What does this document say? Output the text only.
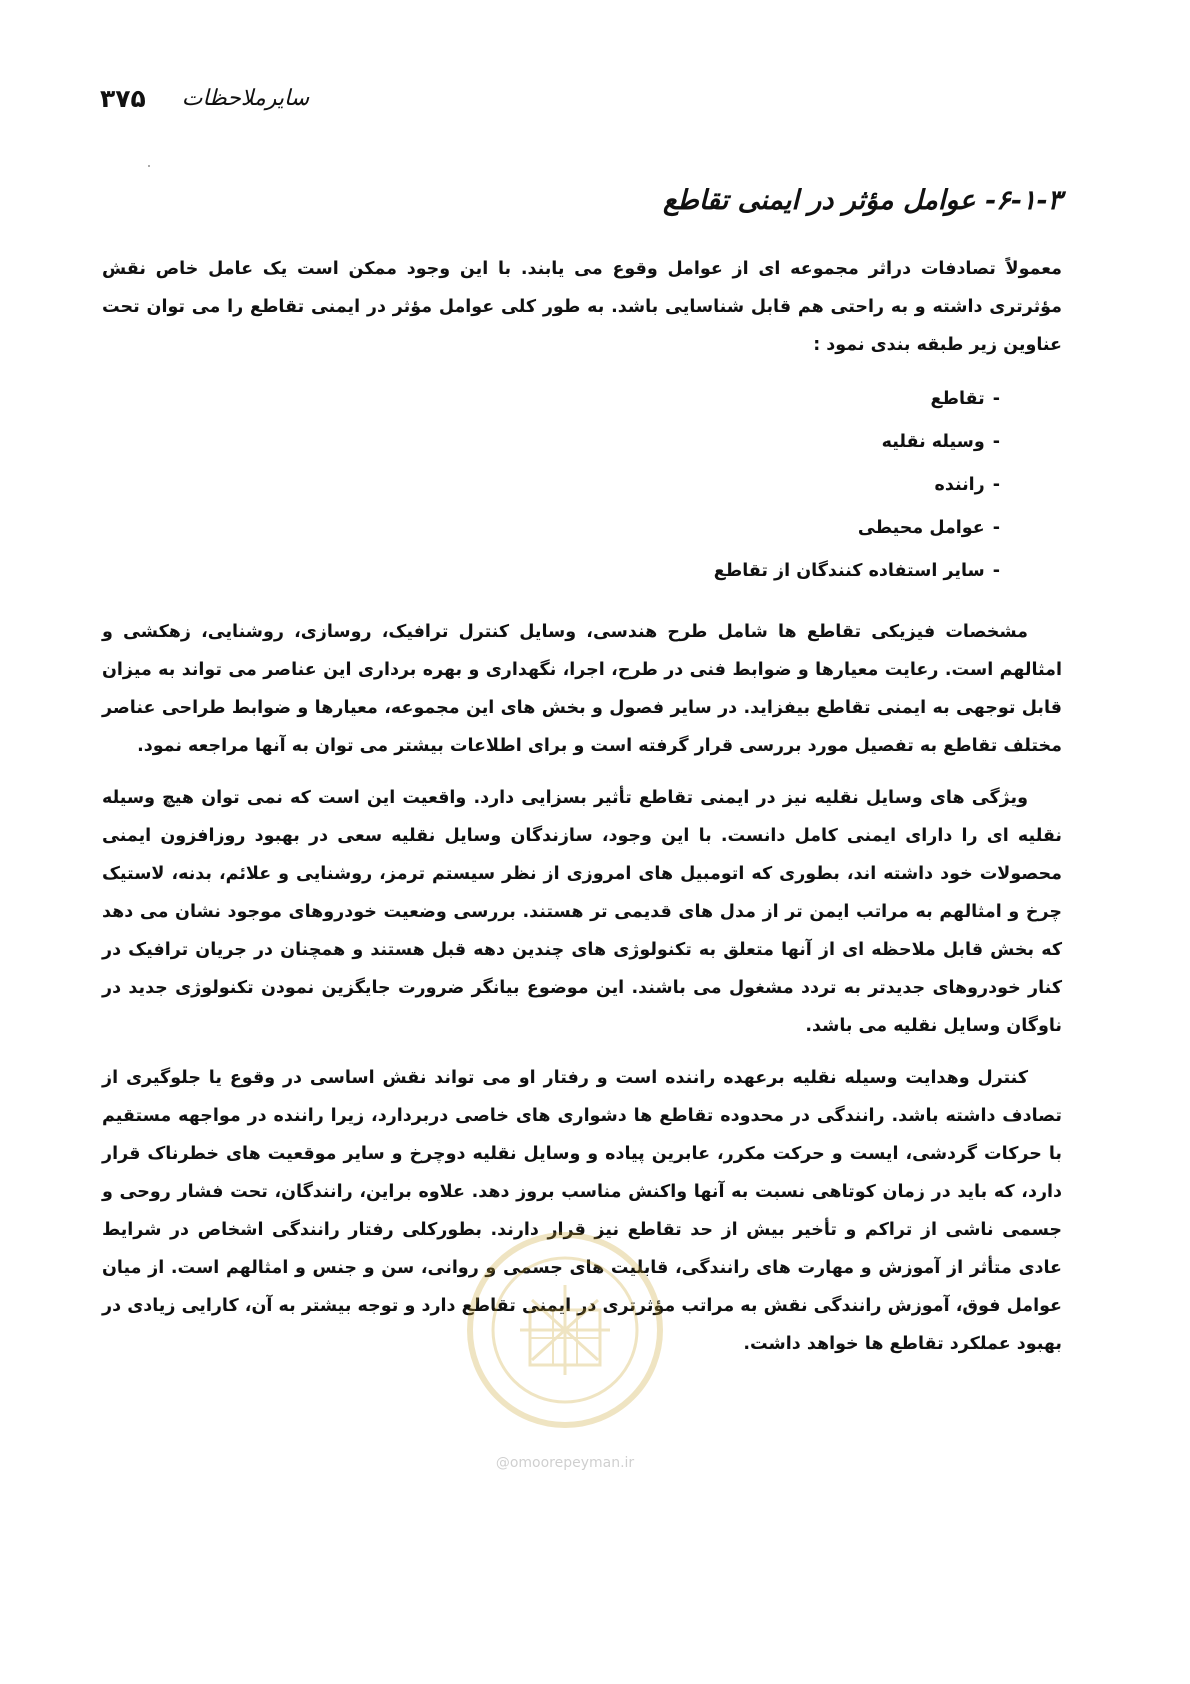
۳۷۵ سایرملاحظات
۶-۱-۳- عوامل مؤثر در ایمنی تقاطع

معمولاً تصادفات دراثر مجموعه ای از عوامل وقوع می یابند. با این وجود ممکن است یک عامل خاص نقش مؤثرتری داشته و به راحتی هم قابل شناسایی باشد. به طور کلی عوامل مؤثر در ایمنی تقاطع را می توان تحت عناوین زیر طبقه بندی نمود :

-تقاطع
-وسیله نقلیه
-راننده
-عوامل محیطی
-سایر استفاده کنندگان از تقاطع

مشخصات فیزیکی تقاطع ها شامل طرح هندسی، وسایل کنترل ترافیک، روسازی، روشنایی، زهکشی و امثالهم است. رعایت معیارها و ضوابط فنی در طرح، اجرا، نگهداری و بهره برداری این عناصر می تواند به میزان قابل توجهی به ایمنی تقاطع بیفزاید. در سایر فصول و بخش های این مجموعه، معیارها و ضوابط طراحی عناصر مختلف تقاطع به تفصیل مورد بررسی قرار گرفته است و برای اطلاعات بیشتر می توان به آنها مراجعه نمود.

ویژگی های وسایل نقلیه نیز در ایمنی تقاطع تأثیر بسزایی دارد. واقعیت این است که نمی توان هیچ وسیله نقلیه ای را دارای ایمنی کامل دانست. با این وجود، سازندگان وسایل نقلیه سعی در بهبود روزافزون ایمنی محصولات خود داشته اند، بطوری که اتومبیل های امروزی از نظر سیستم ترمز، روشنایی و علائم، بدنه، لاستیک چرخ و امثالهم به مراتب ایمن تر از مدل های قدیمی تر هستند. بررسی وضعیت خودروهای موجود نشان می دهد که بخش قابل ملاحظه ای از آنها متعلق به تکنولوژی های چندین دهه قبل هستند و همچنان در جریان ترافیک در کنار خودروهای جدیدتر به تردد مشغول می باشند. این موضوع بیانگر ضرورت جایگزین نمودن تکنولوژی جدید در ناوگان وسایل نقلیه می باشد.

کنترل وهدایت وسیله نقلیه برعهده راننده است و رفتار او می تواند نقش اساسی در وقوع یا جلوگیری از تصادف داشته باشد. رانندگی در محدوده تقاطع ها دشواری های خاصی دربردارد، زیرا راننده در مواجهه مستقیم با حرکات گردشی، ایست و حرکت مکرر، عابرین پیاده و وسایل نقلیه دوچرخ و سایر موقعیت های خطرناک قرار دارد، که باید در زمان کوتاهی نسبت به آنها واکنش مناسب بروز دهد. علاوه براین، رانندگان، تحت فشار روحی و جسمی ناشی از تراکم و تأخیر بیش از حد تقاطع نیز قرار دارند. بطورکلی رفتار رانندگی اشخاص در شرایط عادی متأثر از آموزش و مهارت های رانندگی، قابلیت های جسمی و روانی، سن و جنس و امثالهم است. از میان عوامل فوق، آموزش رانندگی نقش به مراتب مؤثرتری در ایمنی تقاطع دارد و توجه بیشتر به آن، کارایی زیادی در بهبود عملکرد تقاطع ها خواهد داشت.

@omoorepeyman.ir
